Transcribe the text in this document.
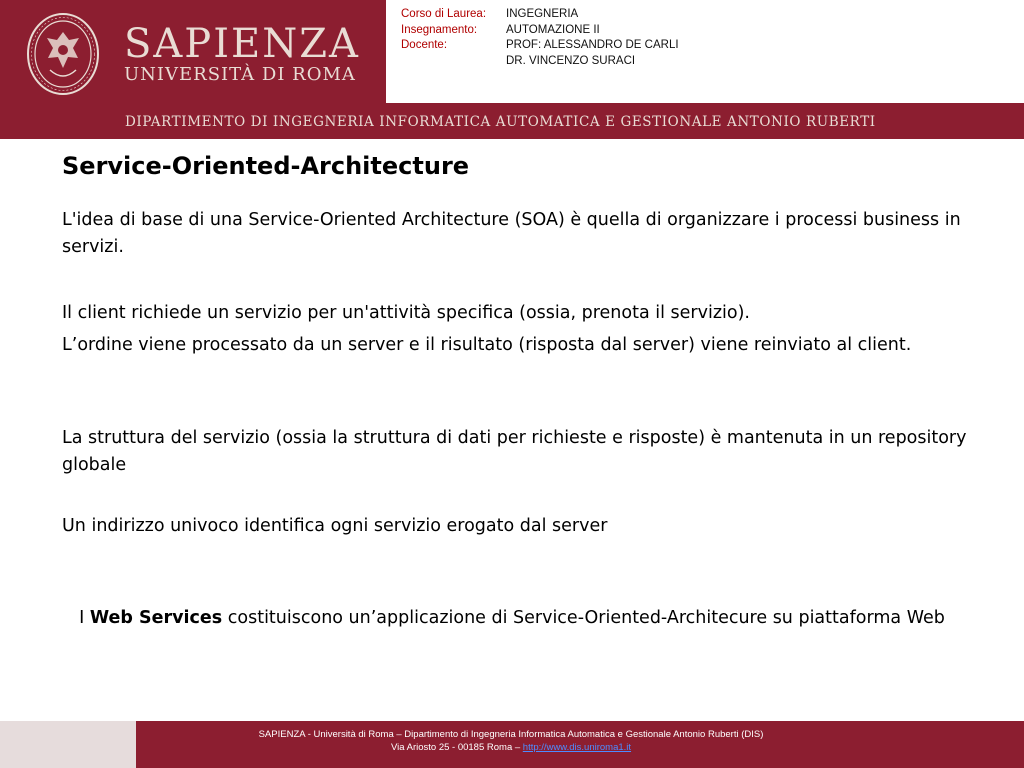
SAPIENZA
UNIVERSITÀ DI ROMA
Corso di Laurea:	INGEGNERIA
Insegnamento:	AUTOMAZIONE II
Docente:	PROF: ALESSANDRO DE CARLI
DR. VINCENZO SURACI
DIPARTIMENTO DI INGEGNERIA INFORMATICA AUTOMATICA E GESTIONALE ANTONIO RUBERTI
Service-Oriented-Architecture
L'idea di base di una Service-Oriented Architecture (SOA) è quella di organizzare i processi business in servizi.
Il client richiede un servizio per un'attività specifica (ossia, prenota il servizio).
L’ordine viene processato da un server e il risultato (risposta dal server) viene reinviato al client.
La struttura del servizio (ossia la struttura di dati per richieste e risposte) è mantenuta in un repository globale
Un indirizzo univoco identifica ogni servizio erogato dal server
I Web Services costituiscono un’applicazione di Service-Oriented-Architecure su piattaforma Web
SAPIENZA - Università di Roma – Dipartimento di Ingegneria Informatica Automatica e Gestionale Antonio Ruberti (DIS)
Via Ariosto 25 - 00185 Roma – http://www.dis.uniroma1.it
